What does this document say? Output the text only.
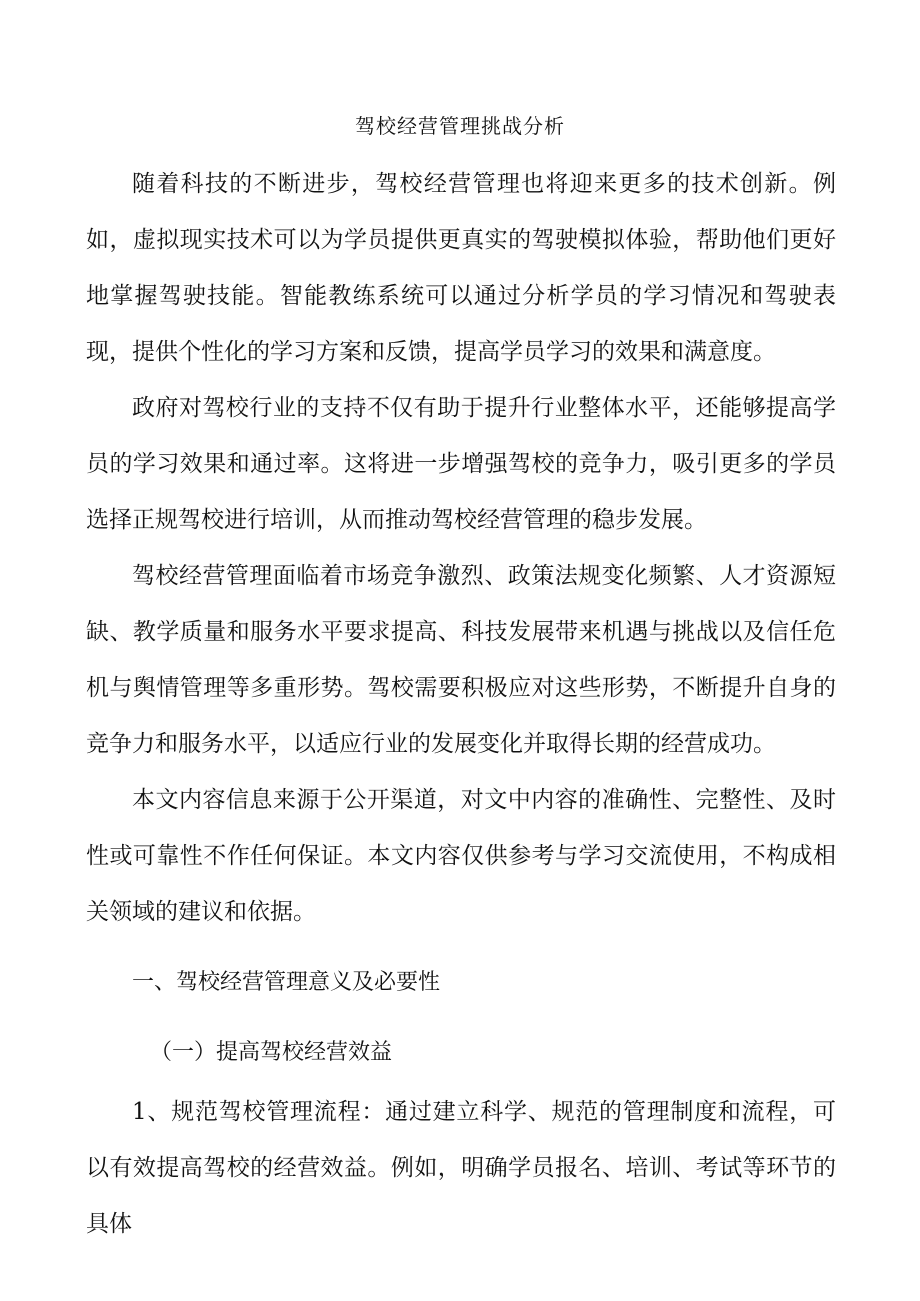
驾校经营管理挑战分析

随着科技的不断进步，驾校经营管理也将迎来更多的技术创新。例如，虚拟现实技术可以为学员提供更真实的驾驶模拟体验，帮助他们更好地掌握驾驶技能。智能教练系统可以通过分析学员的学习情况和驾驶表现，提供个性化的学习方案和反馈，提高学员学习的效果和满意度。

政府对驾校行业的支持不仅有助于提升行业整体水平，还能够提高学员的学习效果和通过率。这将进一步增强驾校的竞争力，吸引更多的学员选择正规驾校进行培训，从而推动驾校经营管理的稳步发展。

驾校经营管理面临着市场竞争激烈、政策法规变化频繁、人才资源短缺、教学质量和服务水平要求提高、科技发展带来机遇与挑战以及信任危机与舆情管理等多重形势。驾校需要积极应对这些形势，不断提升自身的竞争力和服务水平，以适应行业的发展变化并取得长期的经营成功。

本文内容信息来源于公开渠道，对文中内容的准确性、完整性、及时性或可靠性不作任何保证。本文内容仅供参考与学习交流使用，不构成相关领域的建议和依据。

一、驾校经营管理意义及必要性

（一）提高驾校经营效益

1、规范驾校管理流程：通过建立科学、规范的管理制度和流程，可以有效提高驾校的经营效益。例如，明确学员报名、培训、考试等环节的具体
